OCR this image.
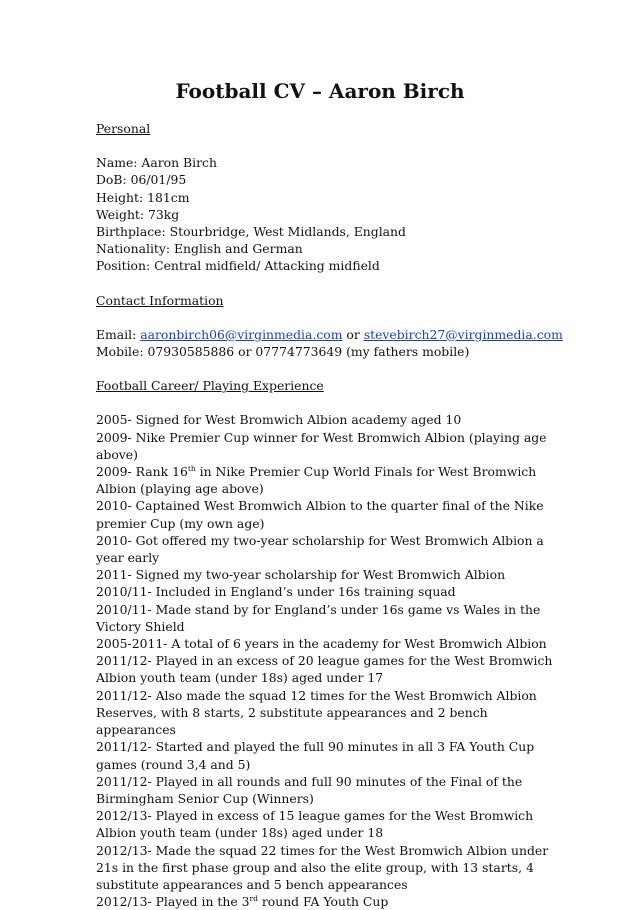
Football CV – Aaron Birch
Personal
Name: Aaron Birch
DoB: 06/01/95
Height: 181cm
Weight: 73kg
Birthplace: Stourbridge, West Midlands, England
Nationality: English and German
Position: Central midfield/ Attacking midfield
Contact Information
Email: aaronbirch06@virginmedia.com or stevebirch27@virginmedia.com
Mobile: 07930585886 or 07774773649 (my fathers mobile)
Football Career/ Playing Experience
2005- Signed for West Bromwich Albion academy aged 10
2009- Nike Premier Cup winner for West Bromwich Albion (playing age above)
2009- Rank 16th in Nike Premier Cup World Finals for West Bromwich Albion (playing age above)
2010- Captained West Bromwich Albion to the quarter final of the Nike premier Cup (my own age)
2010- Got offered my two-year scholarship for West Bromwich Albion a year early
2011- Signed my two-year scholarship for West Bromwich Albion
2010/11- Included in England’s under 16s training squad
2010/11- Made stand by for England’s under 16s game vs Wales in the Victory Shield
2005-2011- A total of 6 years in the academy for West Bromwich Albion
2011/12- Played in an excess of 20 league games for the West Bromwich Albion youth team (under 18s) aged under 17
2011/12- Also made the squad 12 times for the West Bromwich Albion Reserves, with 8 starts, 2 substitute appearances and 2 bench appearances
2011/12- Started and played the full 90 minutes in all 3 FA Youth Cup games (round 3,4 and 5)
2011/12- Played in all rounds and full 90 minutes of the Final of the Birmingham Senior Cup (Winners)
2012/13- Played in excess of 15 league games for the West Bromwich Albion youth team (under 18s) aged under 18
2012/13- Made the squad 22 times for the West Bromwich Albion under 21s in the first phase group and also the elite group, with 13 starts, 4 substitute appearances and 5 bench appearances
2012/13- Played in the 3rd round FA Youth Cup
